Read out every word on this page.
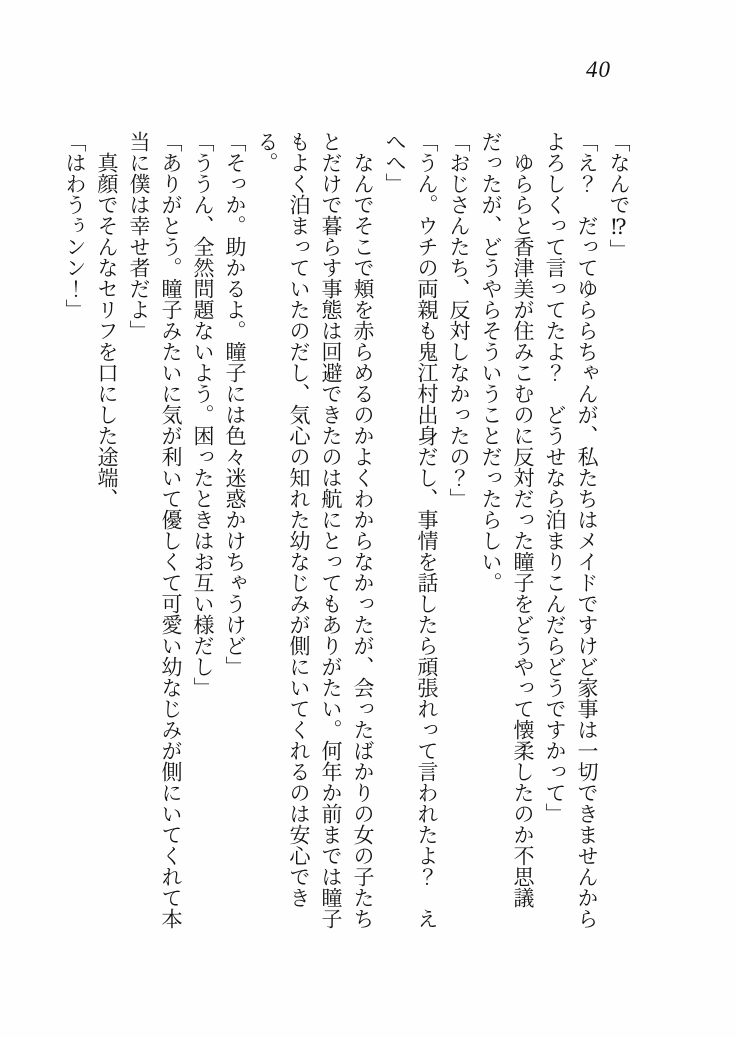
40

「なんで⁉」

「え？　だってゆららちゃんが、私たちはメイドですけど家事は一切できませんからよろしくって言ってたよ？　どうせなら泊まりこんだらどうですかって」

ゆららと香津美が住みこむのに反対だった瞳子をどうやって懐柔したのか不思議だったが、どうやらそういうことだったらしい。

「おじさんたち、反対しなかったの？」

「うん。ウチの両親も鬼江村出身だし、事情を話したら頑張れって言われたよ？　えへへ」

なんでそこで頬を赤らめるのかよくわからなかったが、会ったばかりの女の子たちとだけで暮らす事態は回避できたのは航にとってもありがたい。何年か前までは瞳子もよく泊まっていたのだし、気心の知れた幼なじみが側にいてくれるのは安心できる。

「そっか。助かるよ。瞳子には色々迷惑かけちゃうけど」

「ううん、全然問題ないよう。困ったときはお互い様だし」

「ありがとう。瞳子みたいに気が利いて優しくて可愛い幼なじみが側にいてくれて本当に僕は幸せ者だよ」

真顔でそんなセリフを口にした途端、

「はわうぅンン！」
